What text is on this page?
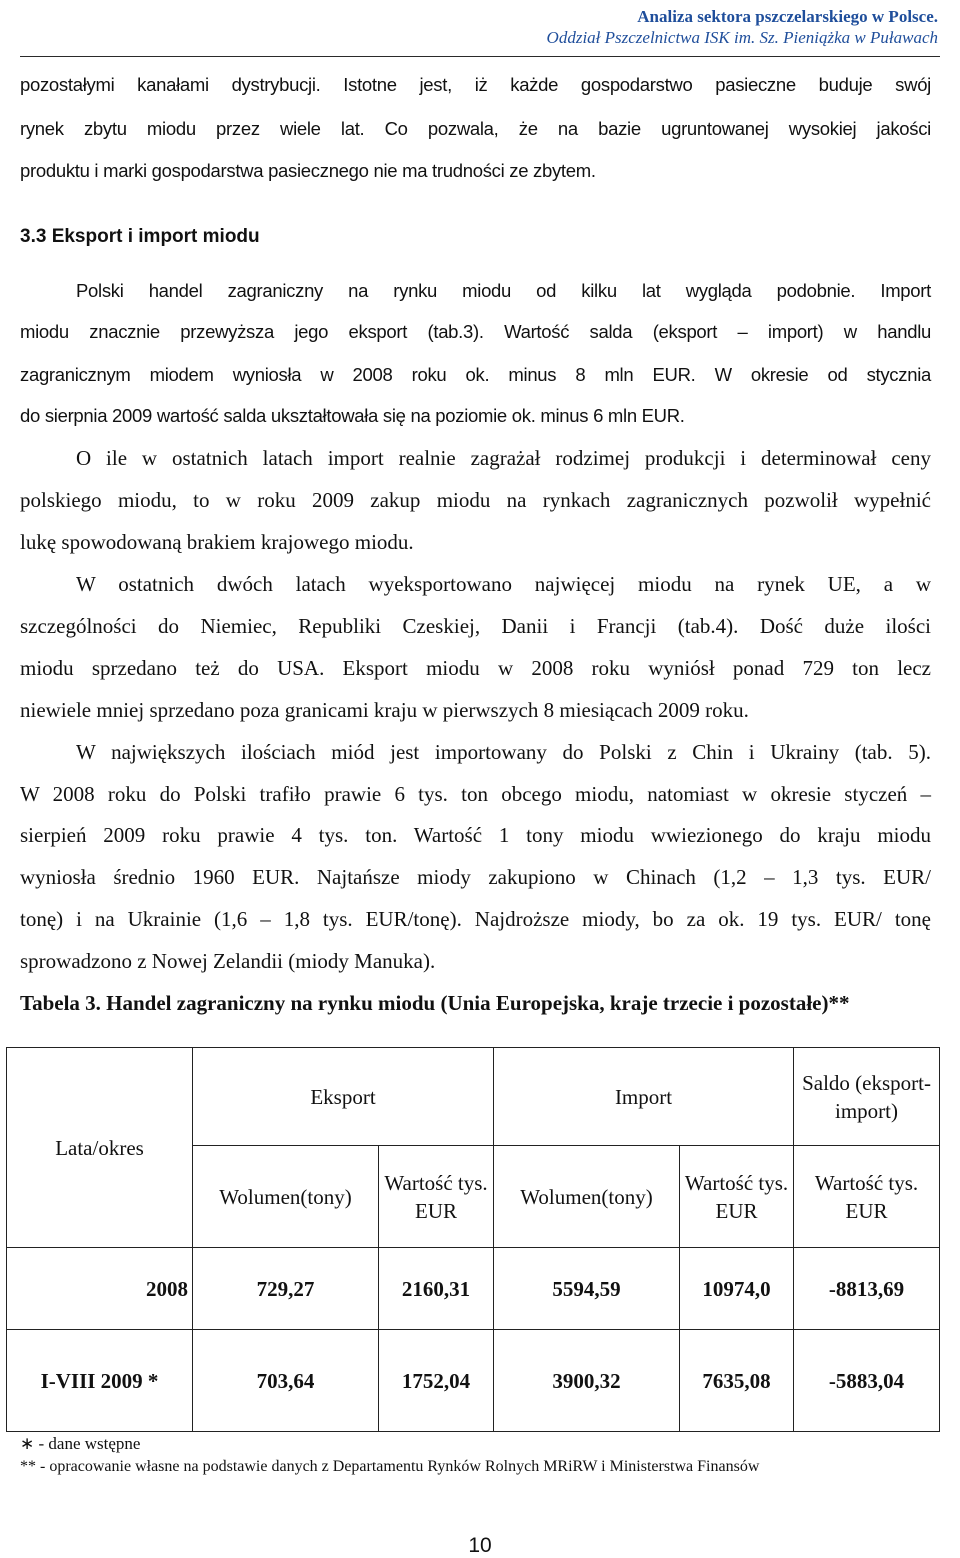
Analiza sektora pszczelarskiego w Polsce.
Oddział Pszczelnictwa ISK im. Sz. Pieniążka w Puławach
pozostałymi kanałami dystrybucji. Istotne jest, iż każde gospodarstwo pasieczne buduje swój
rynek zbytu miodu przez wiele lat. Co pozwala, że na bazie ugruntowanej wysokiej jakości
produktu i marki gospodarstwa pasiecznego nie ma trudności ze zbytem.
3.3 Eksport i import miodu
Polski handel zagraniczny na rynku miodu od kilku lat wygląda podobnie. Import
miodu znacznie przewyższa jego eksport (tab.3). Wartość salda (eksport – import) w handlu
zagranicznym miodem wyniosła w 2008 roku ok. minus 8 mln EUR. W okresie od stycznia
do sierpnia 2009 wartość salda ukształtowała się na poziomie ok. minus 6 mln EUR.
O ile w ostatnich latach import realnie zagrażał rodzimej produkcji i determinował ceny
polskiego miodu, to w roku 2009 zakup miodu na rynkach zagranicznych pozwolił wypełnić
lukę spowodowaną brakiem krajowego miodu.
W ostatnich dwóch latach wyeksportowano najwięcej miodu na rynek UE, a w
szczególności do Niemiec, Republiki Czeskiej, Danii i Francji (tab.4). Dość duże ilości
miodu sprzedano też do USA. Eksport miodu w 2008 roku wyniósł ponad 729 ton lecz
niewiele mniej sprzedano poza granicami kraju w pierwszych 8 miesiącach 2009 roku.
W największych ilościach miód jest importowany do Polski z Chin i Ukrainy (tab. 5).
W 2008 roku do Polski trafiło prawie 6 tys. ton obcego miodu, natomiast w okresie styczeń –
sierpień 2009 roku prawie 4 tys. ton. Wartość 1 tony miodu wwiezionego do kraju miodu
wyniosła średnio 1960 EUR. Najtańsze miody zakupiono w Chinach (1,2 – 1,3 tys. EUR/
tonę) i na Ukrainie (1,6 – 1,8 tys. EUR/tonę). Najdroższe miody, bo za ok. 19 tys. EUR/ tonę
sprowadzono z Nowej Zelandii (miody Manuka).
Tabela 3. Handel zagraniczny na rynku miodu (Unia Europejska, kraje trzecie i pozostałe)**
Lata/okres	Eksport		Import		Saldo (eksport-import)
	Wolumen(tony)	Wartość tys. EUR	Wolumen(tony)	Wartość tys. EUR	Wartość tys. EUR
2008	729,27	2160,31	5594,59	10974,0	-8813,69
I-VIII 2009 *	703,64	1752,04	3900,32	7635,08	-5883,04
∗ - dane wstępne
** - opracowanie własne na podstawie danych z Departamentu Rynków Rolnych MRiRW i Ministerstwa Finansów
10
